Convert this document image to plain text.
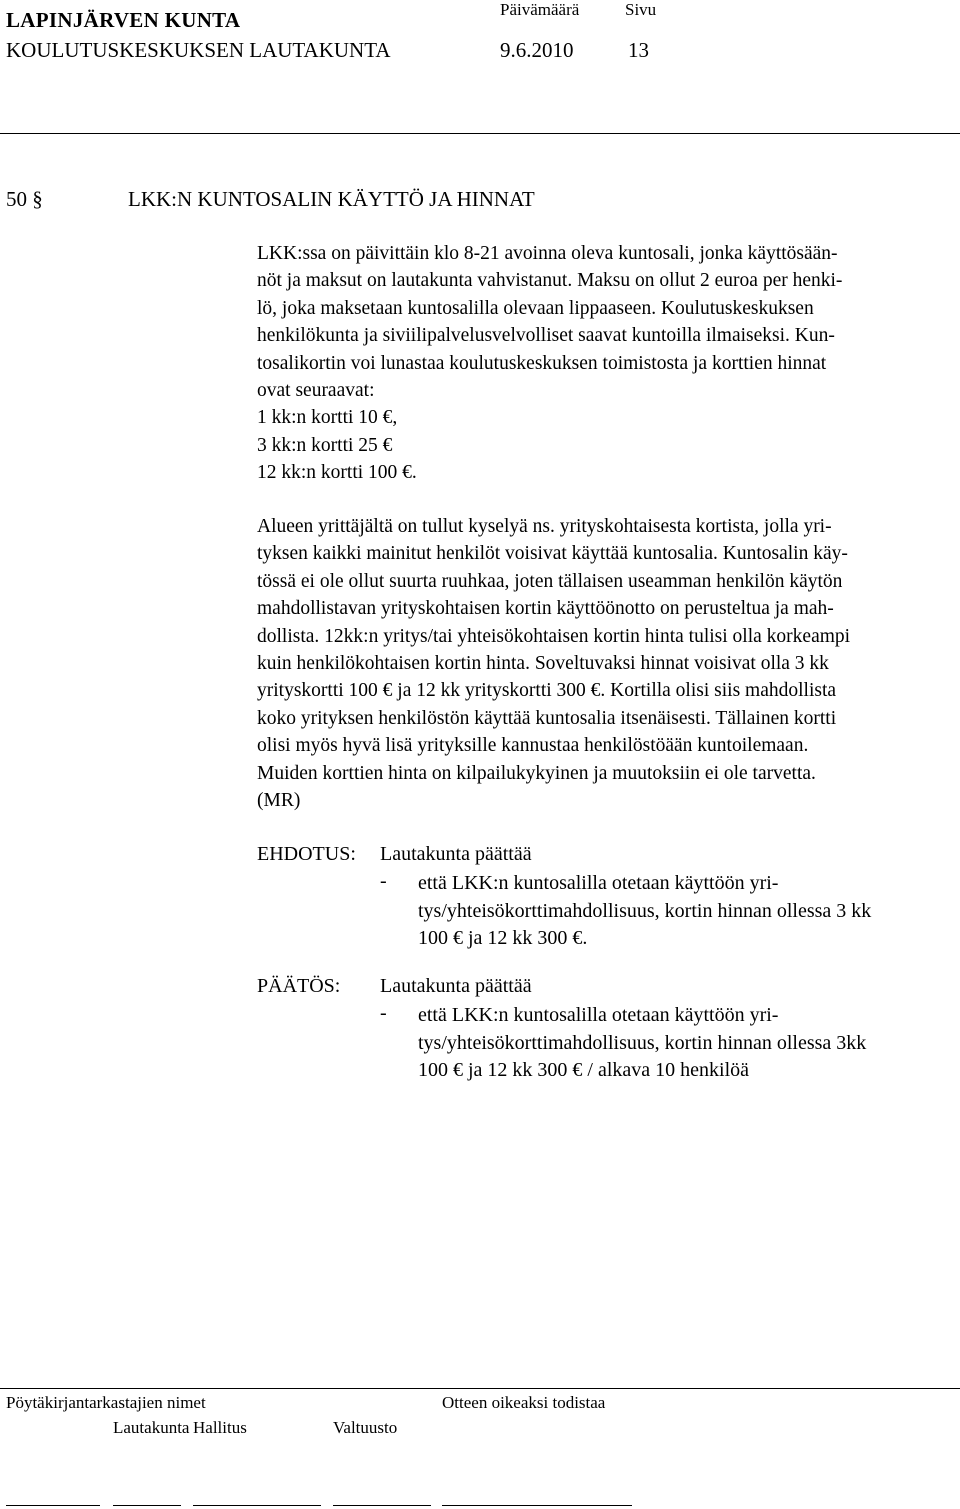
LAPINJÄRVEN KUNTA
KOULUTUSKESKUKSEN LAUTAKUNTA
Päivämäärä	Sivu
9.6.2010	13
50 §	LKK:N KUNTOSALIN KÄYTTÖ JA HINNAT
LKK:ssa on päivittäin klo 8-21 avoinna oleva kuntosali, jonka käyttösään-
nöt ja maksut on lautakunta vahvistanut. Maksu on ollut 2 euroa per henki-
lö, joka maksetaan kuntosalilla olevaan lippaaseen. Koulutuskeskuksen
henkilökunta ja siviilipalvelusvelvolliset saavat kuntoilla ilmaiseksi. Kun-
tosalikortin voi lunastaa koulutuskeskuksen toimistosta ja korttien hinnat
ovat seuraavat:
1 kk:n kortti 10 €,
3 kk:n kortti 25 €
12 kk:n kortti 100 €.
Alueen yrittäjältä on tullut kyselyä ns. yrityskohtaisesta kortista, jolla yri-
tyksen kaikki mainitut henkilöt voisivat käyttää kuntosalia. Kuntosalin käy-
tössä ei ole ollut suurta ruuhkaa, joten tällaisen useamman henkilön käytön
mahdollistavan yrityskohtaisen kortin käyttöönotto on perusteltua ja mah-
dollista. 12kk:n yritys/tai yhteisökohtaisen kortin hinta tulisi olla korkeampi
kuin henkilökohtaisen kortin hinta. Soveltuvaksi hinnat voisivat olla 3 kk
yrityskortti 100 € ja 12 kk yrityskortti 300 €. Kortilla olisi siis mahdollista
koko yrityksen henkilöstön käyttää kuntosalia itsenäisesti. Tällainen kortti
olisi myös hyvä lisä yrityksille kannustaa henkilöstöään kuntoilemaan.
Muiden korttien hinta on kilpailukykyinen ja muutoksiin ei ole tarvetta.
(MR)
EHDOTUS: Lautakunta päättää
- että LKK:n kuntosalilla otetaan käyttöön yri-
tys/yhteisökorttimahdollisuus, kortin hinnan ollessa 3 kk
100 € ja 12 kk 300 €.
PÄÄTÖS: Lautakunta päättää
- että LKK:n kuntosalilla otetaan käyttöön yri-
tys/yhteisökorttimahdollisuus, kortin hinnan ollessa 3kk
100 € ja 12 kk 300 € / alkava 10 henkilöä
Pöytäkirjantarkastajien nimet	Otteen oikeaksi todistaa
Lautakunta Hallitus	Valtuusto
